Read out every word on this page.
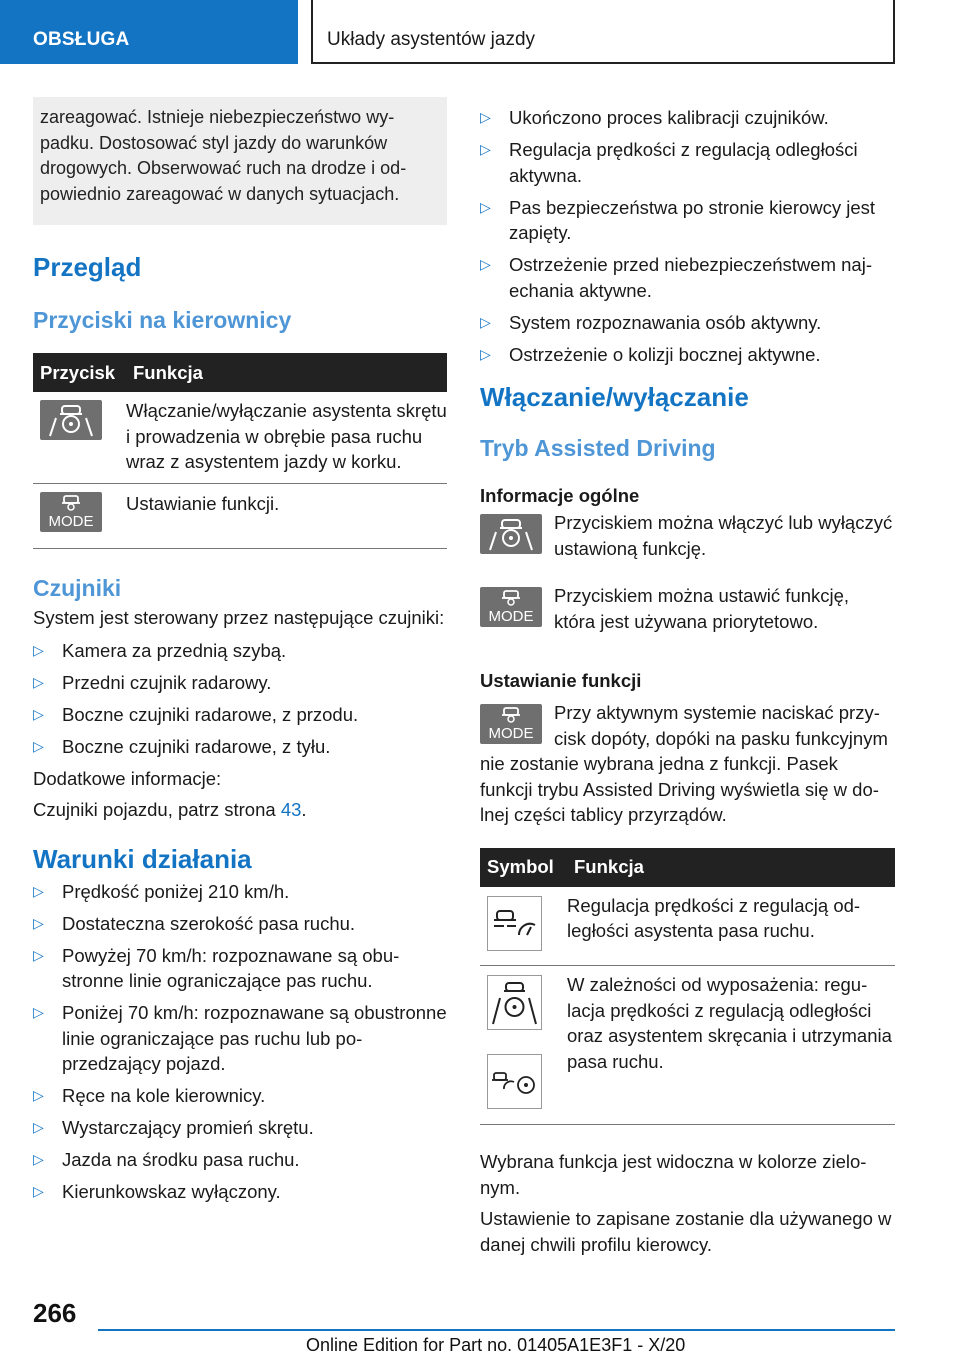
OBSŁUGA	Układy asystentów jazdy
zareagować. Istnieje niebezpieczeństwo wypadku. Dostosować styl jazdy do warunków drogowych. Obserwować ruch na drodze i odpowiednio zareagować w danych sytuacjach.
Przegląd
Przyciski na kierownicy
Przycisk	Funkcja

	Włączanie/wyłączanie asystenta skrętu i prowadzenia w obrębie pasa ruchu wraz z asystentem jazdy w korku.

MODE	Ustawianie funkcji.
Czujniki

System jest sterowany przez następujące czujniki:

▷ Kamera za przednią szybą.
▷ Przedni czujnik radarowy.
▷ Boczne czujniki radarowe, z przodu.
▷ Boczne czujniki radarowe, z tyłu.

Dodatkowe informacje:

Czujniki pojazdu, patrz strona 43.

Warunki działania
▷ Prędkość poniżej 210 km/h.
▷ Dostateczna szerokość pasa ruchu.
▷ Powyżej 70 km/h: rozpoznawane są obustronne linie ograniczające pas ruchu.
▷ Poniżej 70 km/h: rozpoznawane są obustronne linie ograniczające pas ruchu lub poprzedzający pojazd.
▷ Ręce na kole kierownicy.
▷ Wystarczający promień skrętu.
▷ Jazda na środku pasa ruchu.
▷ Kierunkowskaz wyłączony.
▷ Ukończono proces kalibracji czujników.
▷ Regulacja prędkości z regulacją odległości aktywna.
▷ Pas bezpieczeństwa po stronie kierowcy jest zapięty.
▷ Ostrzeżenie przed niebezpieczeństwem najechania aktywne.
▷ System rozpoznawania osób aktywny.
▷ Ostrzeżenie o kolizji bocznej aktywne.
Włączanie/wyłączanie
Tryb Assisted Driving
Informacje ogólne

Przyciskiem można włączyć lub wyłączyć ustawioną funkcję.

MODE

Przyciskiem można ustawić funkcję, która jest używana priorytetowo.

Ustawianie funkcji
MODE

Przy aktywnym systemie naciskać przycisk dopóty, dopóki na pasku funkcyjnym nie zostanie wybrana jedna z funkcji. Pasek funkcji trybu Assisted Driving wyświetla się w dolnej części tablicy przyrządów.

Symbol	Funkcja
	Regulacja prędkości z regulacją odległości asystenta pasa ruchu.

	W zależności od wyposażenia: regulacja prędkości z regulacją odległości oraz asystentem skręcania i utrzymania pasa ruchu.

Wybrana funkcja jest widoczna w kolorze zielonym.

Ustawienie to zapisane zostanie dla używanego w danej chwili profilu kierowcy.

266
Online Edition for Part no. 01405A1E3F1 - X/20
